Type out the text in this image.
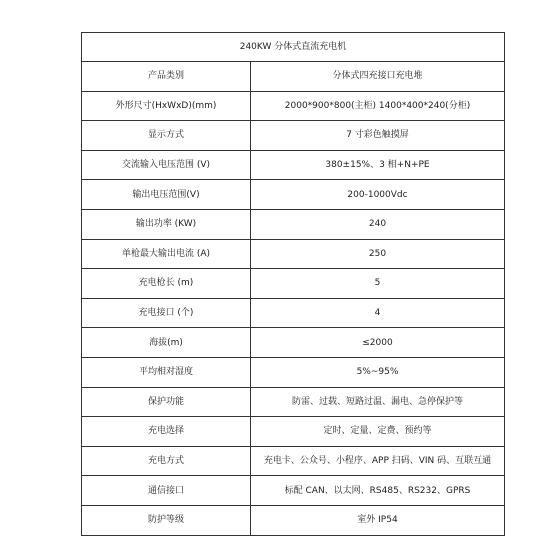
240KW 分体式直流充电机	
产品类别	分体式四充接口充电堆
外形尺寸(HxWxD)(mm)	2000*900*800(主柜) 1400*400*240(分柜)
显示方式	7 寸彩色触摸屏
交流输入电压范围 (V)	380±15%、3 相+N+PE
输出电压范围(V)	200-1000Vdc
输出功率 (KW)	240
单枪最大输出电流 (A)	250
充电枪长 (m)	5
充电接口 (个)	4
海拔(m)	≤2000
平均相对湿度	5%~95%
保护功能	防雷、过载、短路过温、漏电、急停保护等
充电选择	定时、定量、定费、预约等
充电方式	充电卡、公众号、小程序、APP 扫码、VIN 码、互联互通
通信接口	标配 CAN、以太网、RS485、RS232、GPRS
防护等级	室外 IP54
